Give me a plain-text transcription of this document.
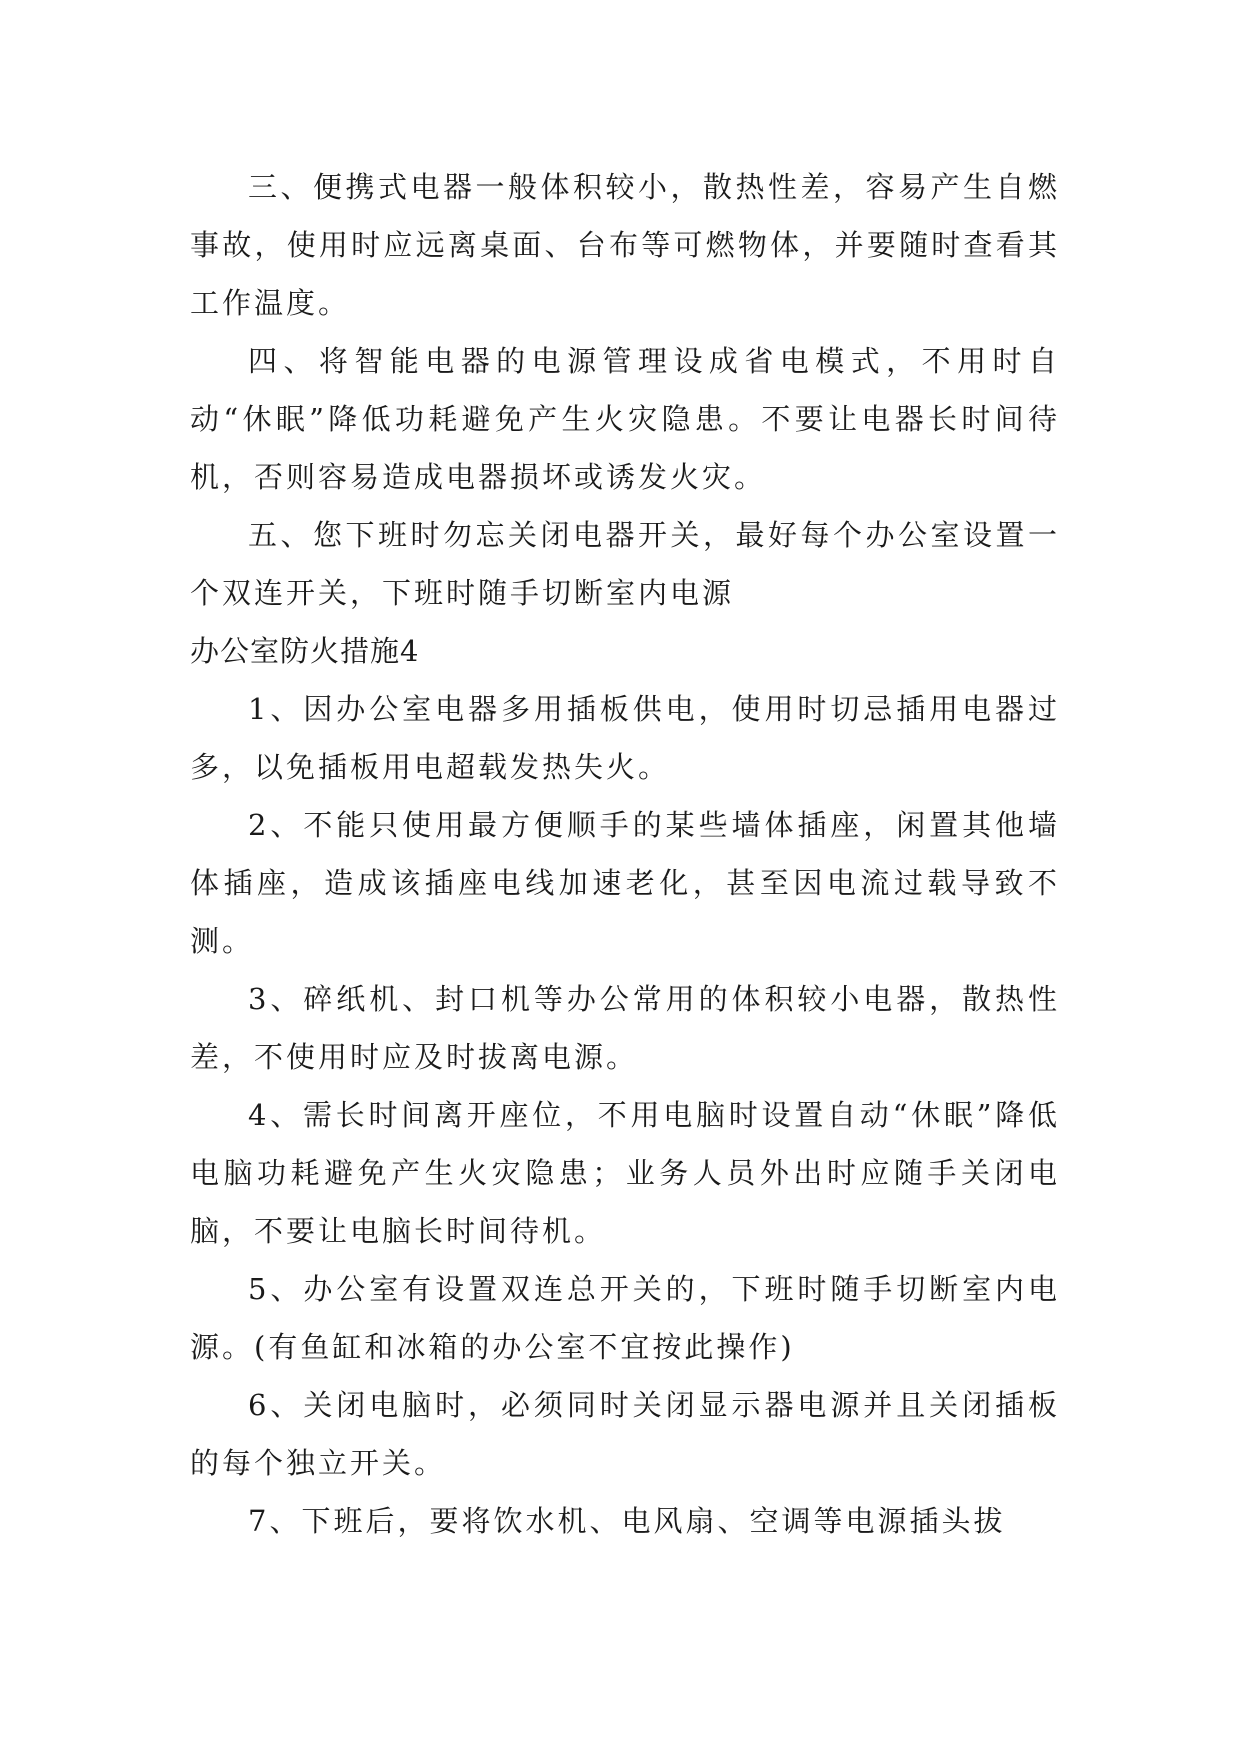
三、便携式电器一般体积较小，散热性差，容易产生自燃事故，使用时应远离桌面、台布等可燃物体，并要随时查看其工作温度。

四、将智能电器的电源管理设成省电模式，不用时自动“休眠”降低功耗避免产生火灾隐患。不要让电器长时间待机，否则容易造成电器损坏或诱发火灾。

五、您下班时勿忘关闭电器开关，最好每个办公室设置一个双连开关，下班时随手切断室内电源

办公室防火措施4

1、因办公室电器多用插板供电，使用时切忌插用电器过多，以免插板用电超载发热失火。

2、不能只使用最方便顺手的某些墙体插座，闲置其他墙体插座，造成该插座电线加速老化，甚至因电流过载导致不测。

3、碎纸机、封口机等办公常用的体积较小电器，散热性差，不使用时应及时拔离电源。

4、需长时间离开座位，不用电脑时设置自动“休眠”降低电脑功耗避免产生火灾隐患；业务人员外出时应随手关闭电脑，不要让电脑长时间待机。

5、办公室有设置双连总开关的，下班时随手切断室内电源。(有鱼缸和冰箱的办公室不宜按此操作)

6、关闭电脑时，必须同时关闭显示器电源并且关闭插板的每个独立开关。

7、下班后，要将饮水机、电风扇、空调等电源插头拔
